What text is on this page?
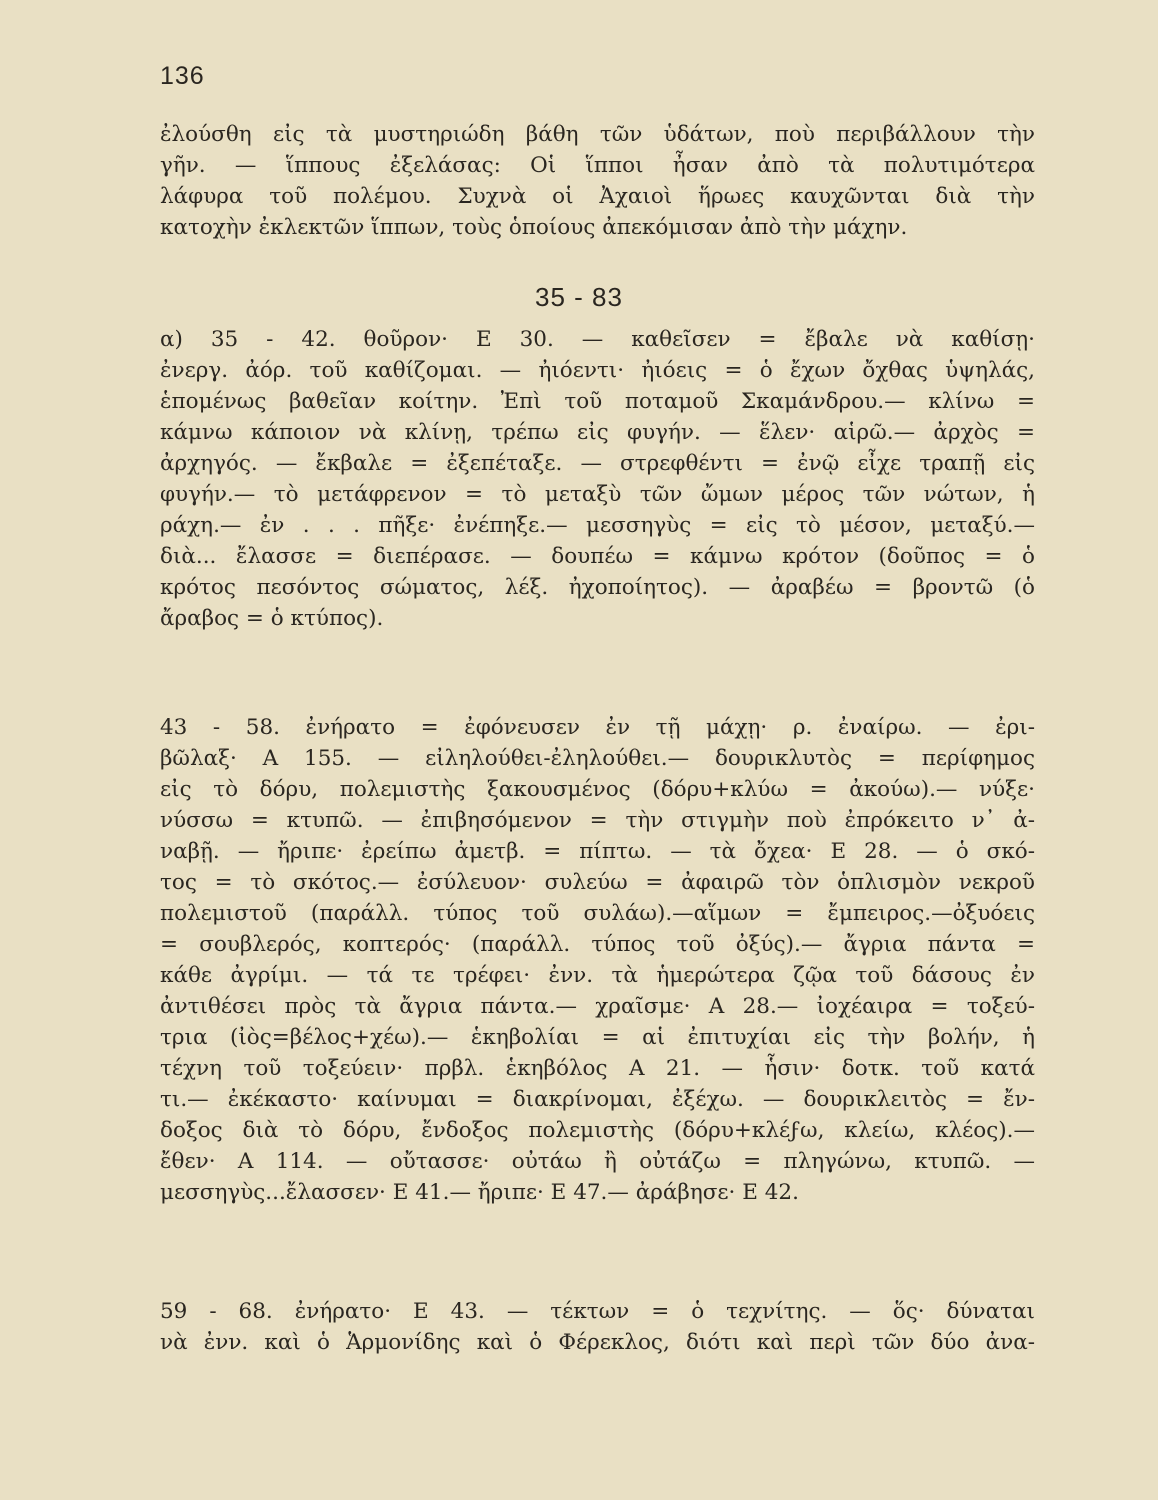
136
ἐλούσθη εἰς τὰ μυστηριώδη βάθη τῶν ὑδάτων, ποὺ περιβάλλουν τὴν
γῆν. — ἵππους ἐξελάσας: Οἱ ἵπποι ἦσαν ἀπὸ τὰ πολυτιμότερα
λάφυρα τοῦ πολέμου. Συχνὰ οἱ Ἀχαιοὶ ἥρωες καυχῶνται διὰ τὴν
κατοχὴν ἐκλεκτῶν ἵππων, τοὺς ὁποίους ἀπεκόμισαν ἀπὸ τὴν μάχην.
35 - 83
α) 35 - 42. θοῦρον· Ε 30. — καθεῖσεν = ἔβαλε νὰ καθίσῃ·
ἐνεργ. ἀόρ. τοῦ καθίζομαι. — ἠιόεντι· ἠιόεις = ὁ ἔχων ὄχθας ὑψηλάς,
ἑπομένως βαθεῖαν κοίτην. Ἐπὶ τοῦ ποταμοῦ Σκαμάνδρου.— κλίνω =
κάμνω κάποιον νὰ κλίνῃ, τρέπω εἰς φυγήν. — ἕλεν· αἱρῶ.— ἀρχὸς =
ἀρχηγός. — ἔκβαλε = ἐξεπέταξε. — στρεφθέντι = ἐνῷ εἶχε τραπῇ εἰς
φυγήν.— τὸ μετάφρενον = τὸ μεταξὺ τῶν ὤμων μέρος τῶν νώτων, ἡ
ράχη.— ἐν . . . πῆξε· ἐνέπηξε.— μεσσηγὺς = εἰς τὸ μέσον, μεταξύ.—
διὰ... ἔλασσε = διεπέρασε. — δουπέω = κάμνω κρότον (δοῦπος = ὁ
κρότος πεσόντος σώματος, λέξ. ἠχοποίητος). — ἀραβέω = βροντῶ (ὁ
ἄραβος = ὁ κτύπος).
43 - 58. ἐνήρατο = ἐφόνευσεν ἐν τῇ μάχῃ· ρ. ἐναίρω. — ἐρι-
βῶλαξ· Α 155. — εἰληλούθει-ἐληλούθει.— δουρικλυτὸς = περίφημος
εἰς τὸ δόρυ, πολεμιστὴς ξακουσμένος (δόρυ+κλύω = ἀκούω).— νύξε·
νύσσω = κτυπῶ. — ἐπιβησόμενον = τὴν στιγμὴν ποὺ ἐπρόκειτο ν᾽ ἀ-
ναβῇ. — ἤριπε· ἐρείπω ἀμετβ. = πίπτω. — τὰ ὄχεα· Ε 28. — ὁ σκό-
τος = τὸ σκότος.— ἐσύλευον· συλεύω = ἀφαιρῶ τὸν ὁπλισμὸν νεκροῦ
πολεμιστοῦ (παράλλ. τύπος τοῦ συλάω).—αἵμων = ἔμπειρος.—ὀξυόεις
= σουβλερός, κοπτερός· (παράλλ. τύπος τοῦ ὀξύς).— ἄγρια πάντα =
κάθε ἀγρίμι. — τά τε τρέφει· ἐνν. τὰ ἡμερώτερα ζῷα τοῦ δάσους ἐν
ἀντιθέσει πρὸς τὰ ἄγρια πάντα.— χραῖσμε· Α 28.— ἰοχέαιρα = τοξεύ-
τρια (ἰὸς=βέλος+χέω).— ἑκηβολίαι = αἱ ἐπιτυχίαι εἰς τὴν βολήν, ἡ
τέχνη τοῦ τοξεύειν· πρβλ. ἑκηβόλος Α 21. — ἧσιν· δοτκ. τοῦ κατά
τι.— ἐκέκαστο· καίνυμαι = διακρίνομαι, ἐξέχω. — δουρικλειτὸς = ἔν-
δοξος διὰ τὸ δόρυ, ἔνδοξος πολεμιστὴς (δόρυ+κλέϝω, κλείω, κλέος).—
ἔθεν· Α 114. — οὔτασσε· οὐτάω ἢ οὐτάζω = πληγώνω, κτυπῶ. —
μεσσηγὺς...ἔλασσεν· Ε 41.— ἤριπε· Ε 47.— ἀράβησε· Ε 42.
59 - 68. ἐνήρατο· Ε 43. — τέκτων = ὁ τεχνίτης. — ὅς· δύναται
νὰ ἐνν. καὶ ὁ Ἁρμονίδης καὶ ὁ Φέρεκλος, διότι καὶ περὶ τῶν δύο ἀνα-
